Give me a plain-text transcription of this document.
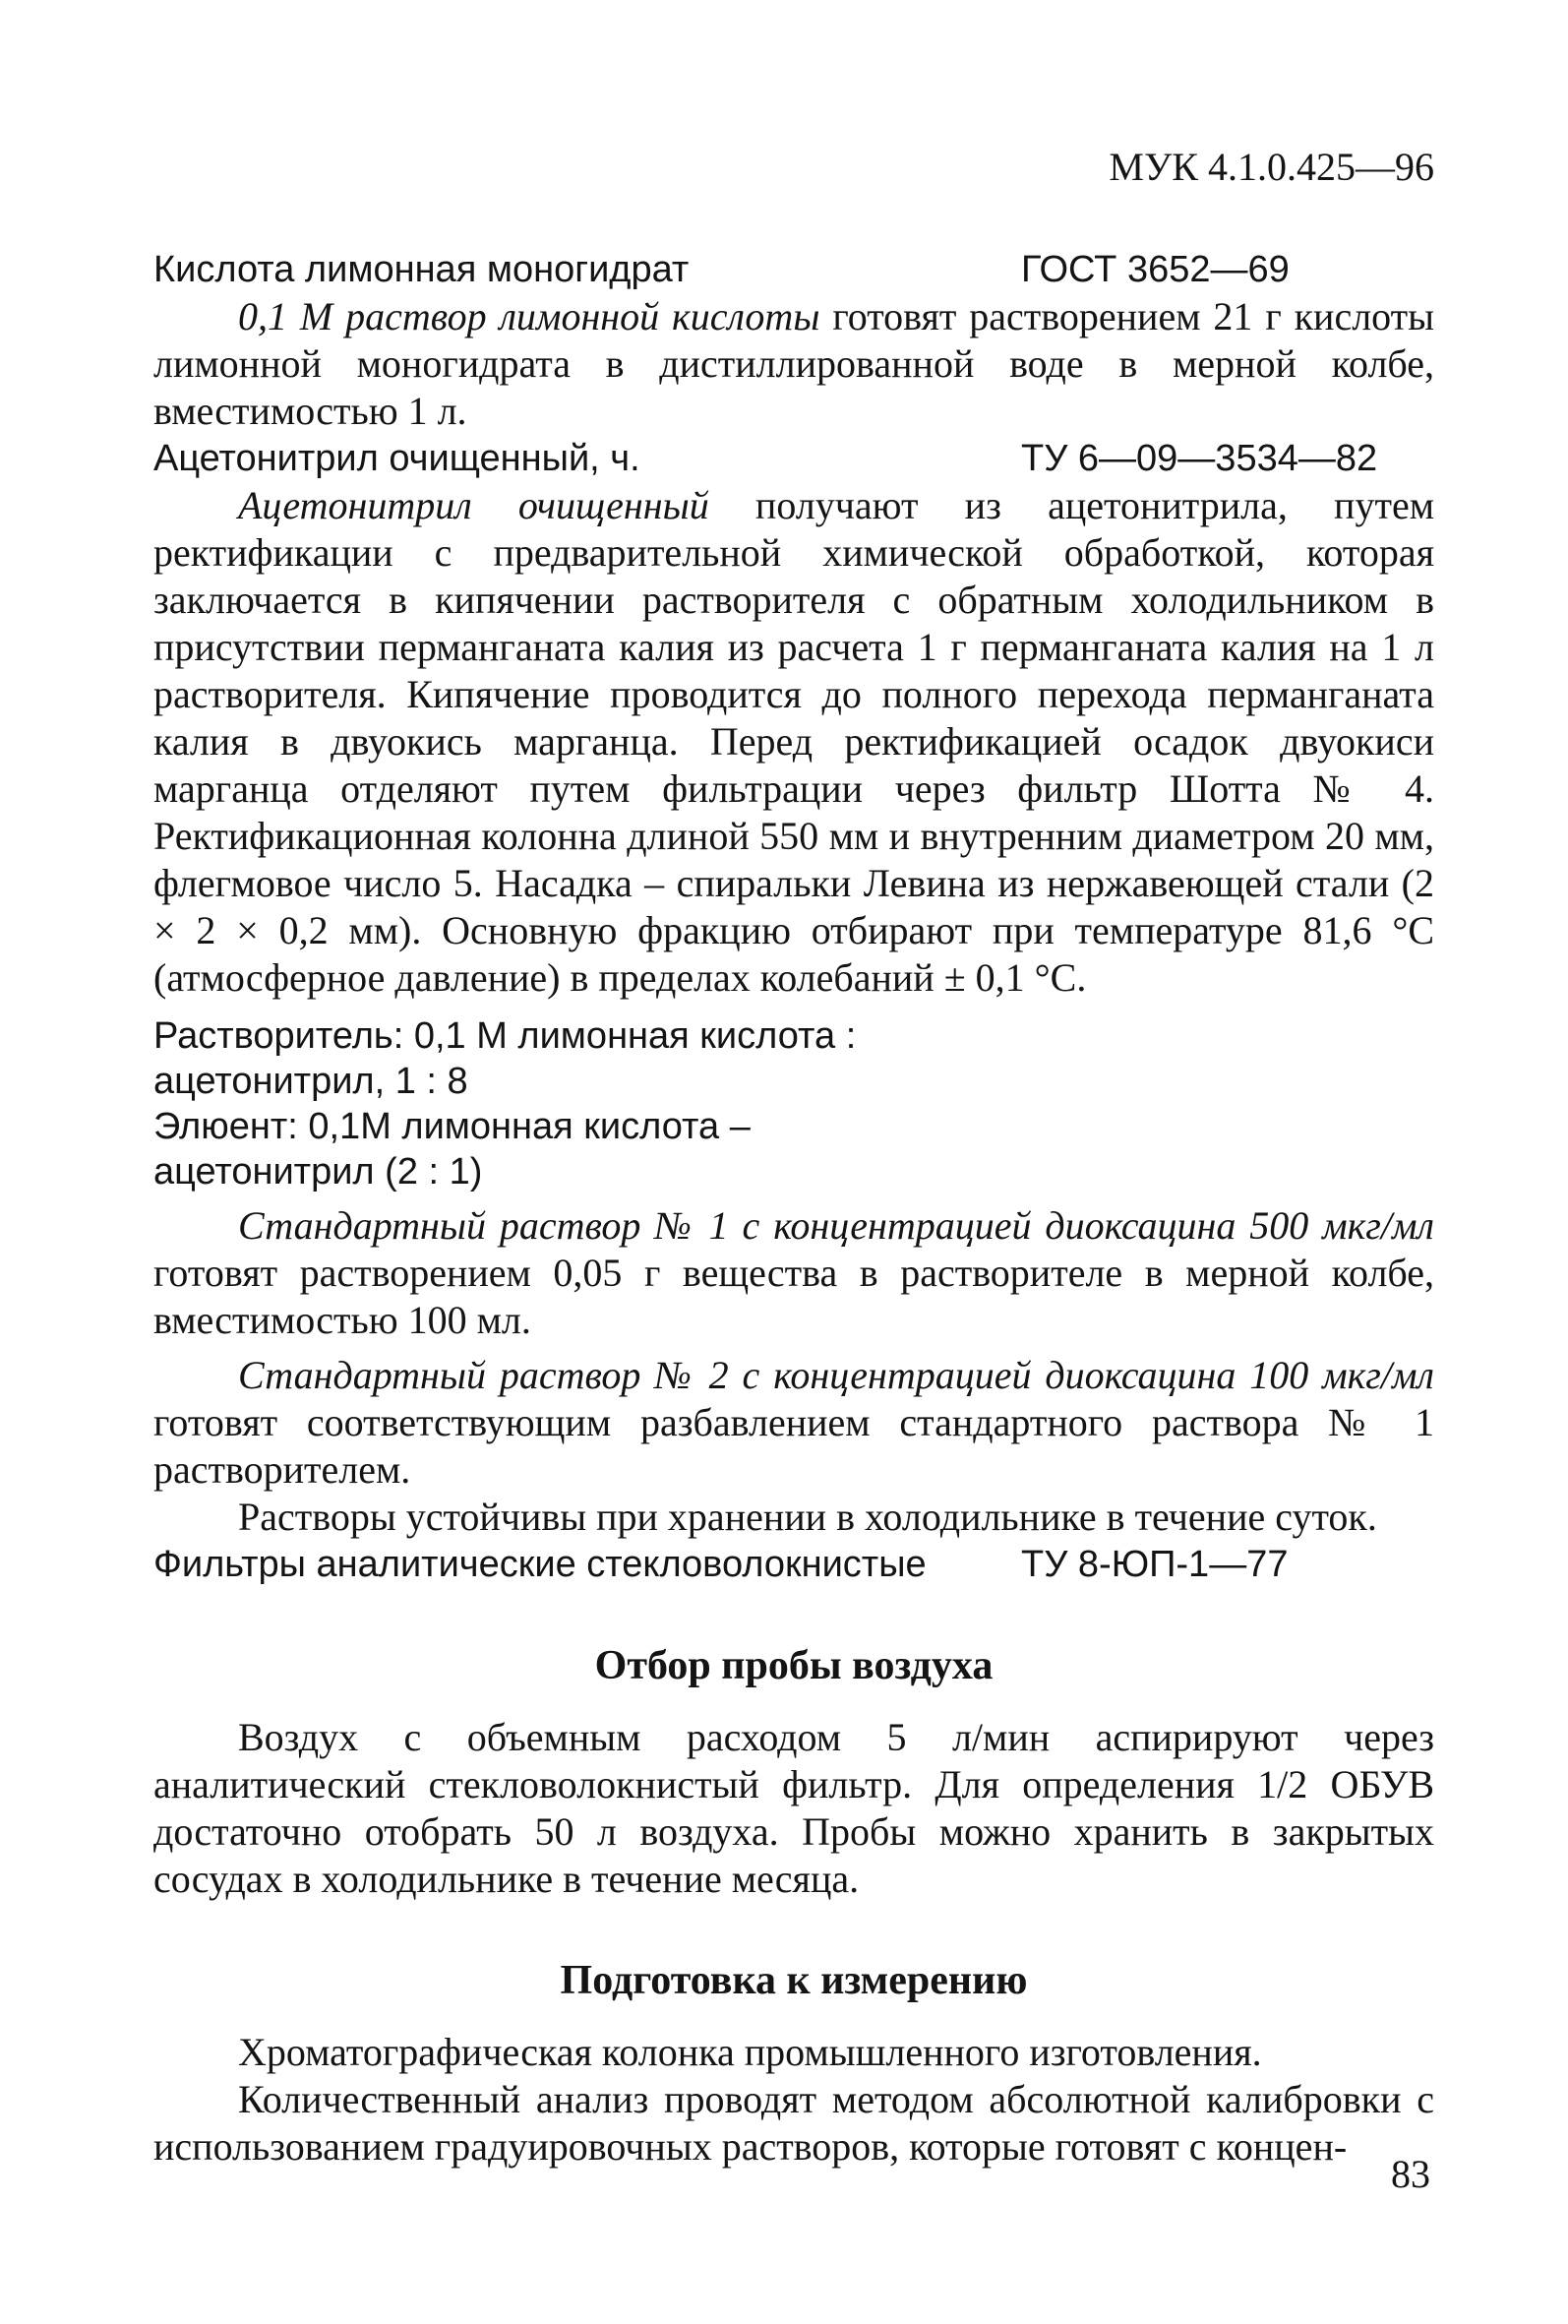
МУК 4.1.0.425—96
Кислота лимонная моногидрат	ГОСТ 3652—69

0,1 М раствор лимонной кислоты готовят растворением 21 г кислоты лимонной моногидрата в дистиллированной воде в мерной колбе, вместимостью 1 л.

Ацетонитрил очищенный, ч.	ТУ 6—09—3534—82

Ацетонитрил очищенный получают из ацетонитрила, путем ректификации с предварительной химической обработкой, которая заключается в кипячении растворителя с обратным холодильником в присутствии перманганата калия из расчета 1 г перманганата калия на 1 л растворителя. Кипячение проводится до полного перехода перманганата калия в двуокись марганца. Перед ректификацией осадок двуокиси марганца отделяют путем фильтрации через фильтр Шотта № 4. Ректификационная колонна длиной 550 мм и внутренним диаметром 20 мм, флегмовое число 5. Насадка – спиральки Левина из нержавеющей стали (2 × 2 × 0,2 мм). Основную фракцию отбирают при температуре 81,6 °С (атмосферное давление) в пределах колебаний ± 0,1 °С.

Растворитель: 0,1 М лимонная кислота :
ацетонитрил, 1 : 8
Элюент: 0,1М лимонная кислота –
ацетонитрил (2 : 1)

Стандартный раствор № 1 с концентрацией диоксацина 500 мкг/мл готовят растворением 0,05 г вещества в растворителе в мерной колбе, вместимостью 100 мл.

Стандартный раствор № 2 с концентрацией диоксацина 100 мкг/мл готовят соответствующим разбавлением стандартного раствора № 1 растворителем.

Растворы устойчивы при хранении в холодильнике в течение суток.

Фильтры аналитические стекловолокнистые	ТУ 8-ЮП-1—77
Отбор пробы воздуха

Воздух с объемным расходом 5 л/мин аспирируют через аналитический стекловолокнистый фильтр. Для определения 1/2 ОБУВ достаточно отобрать 50 л воздуха. Пробы можно хранить в закрытых сосудах в холодильнике в течение месяца.

Подготовка к измерению

Хроматографическая колонка промышленного изготовления.

Количественный анализ проводят методом абсолютной калибровки с использованием градуировочных растворов, которые готовят с концен-

83
